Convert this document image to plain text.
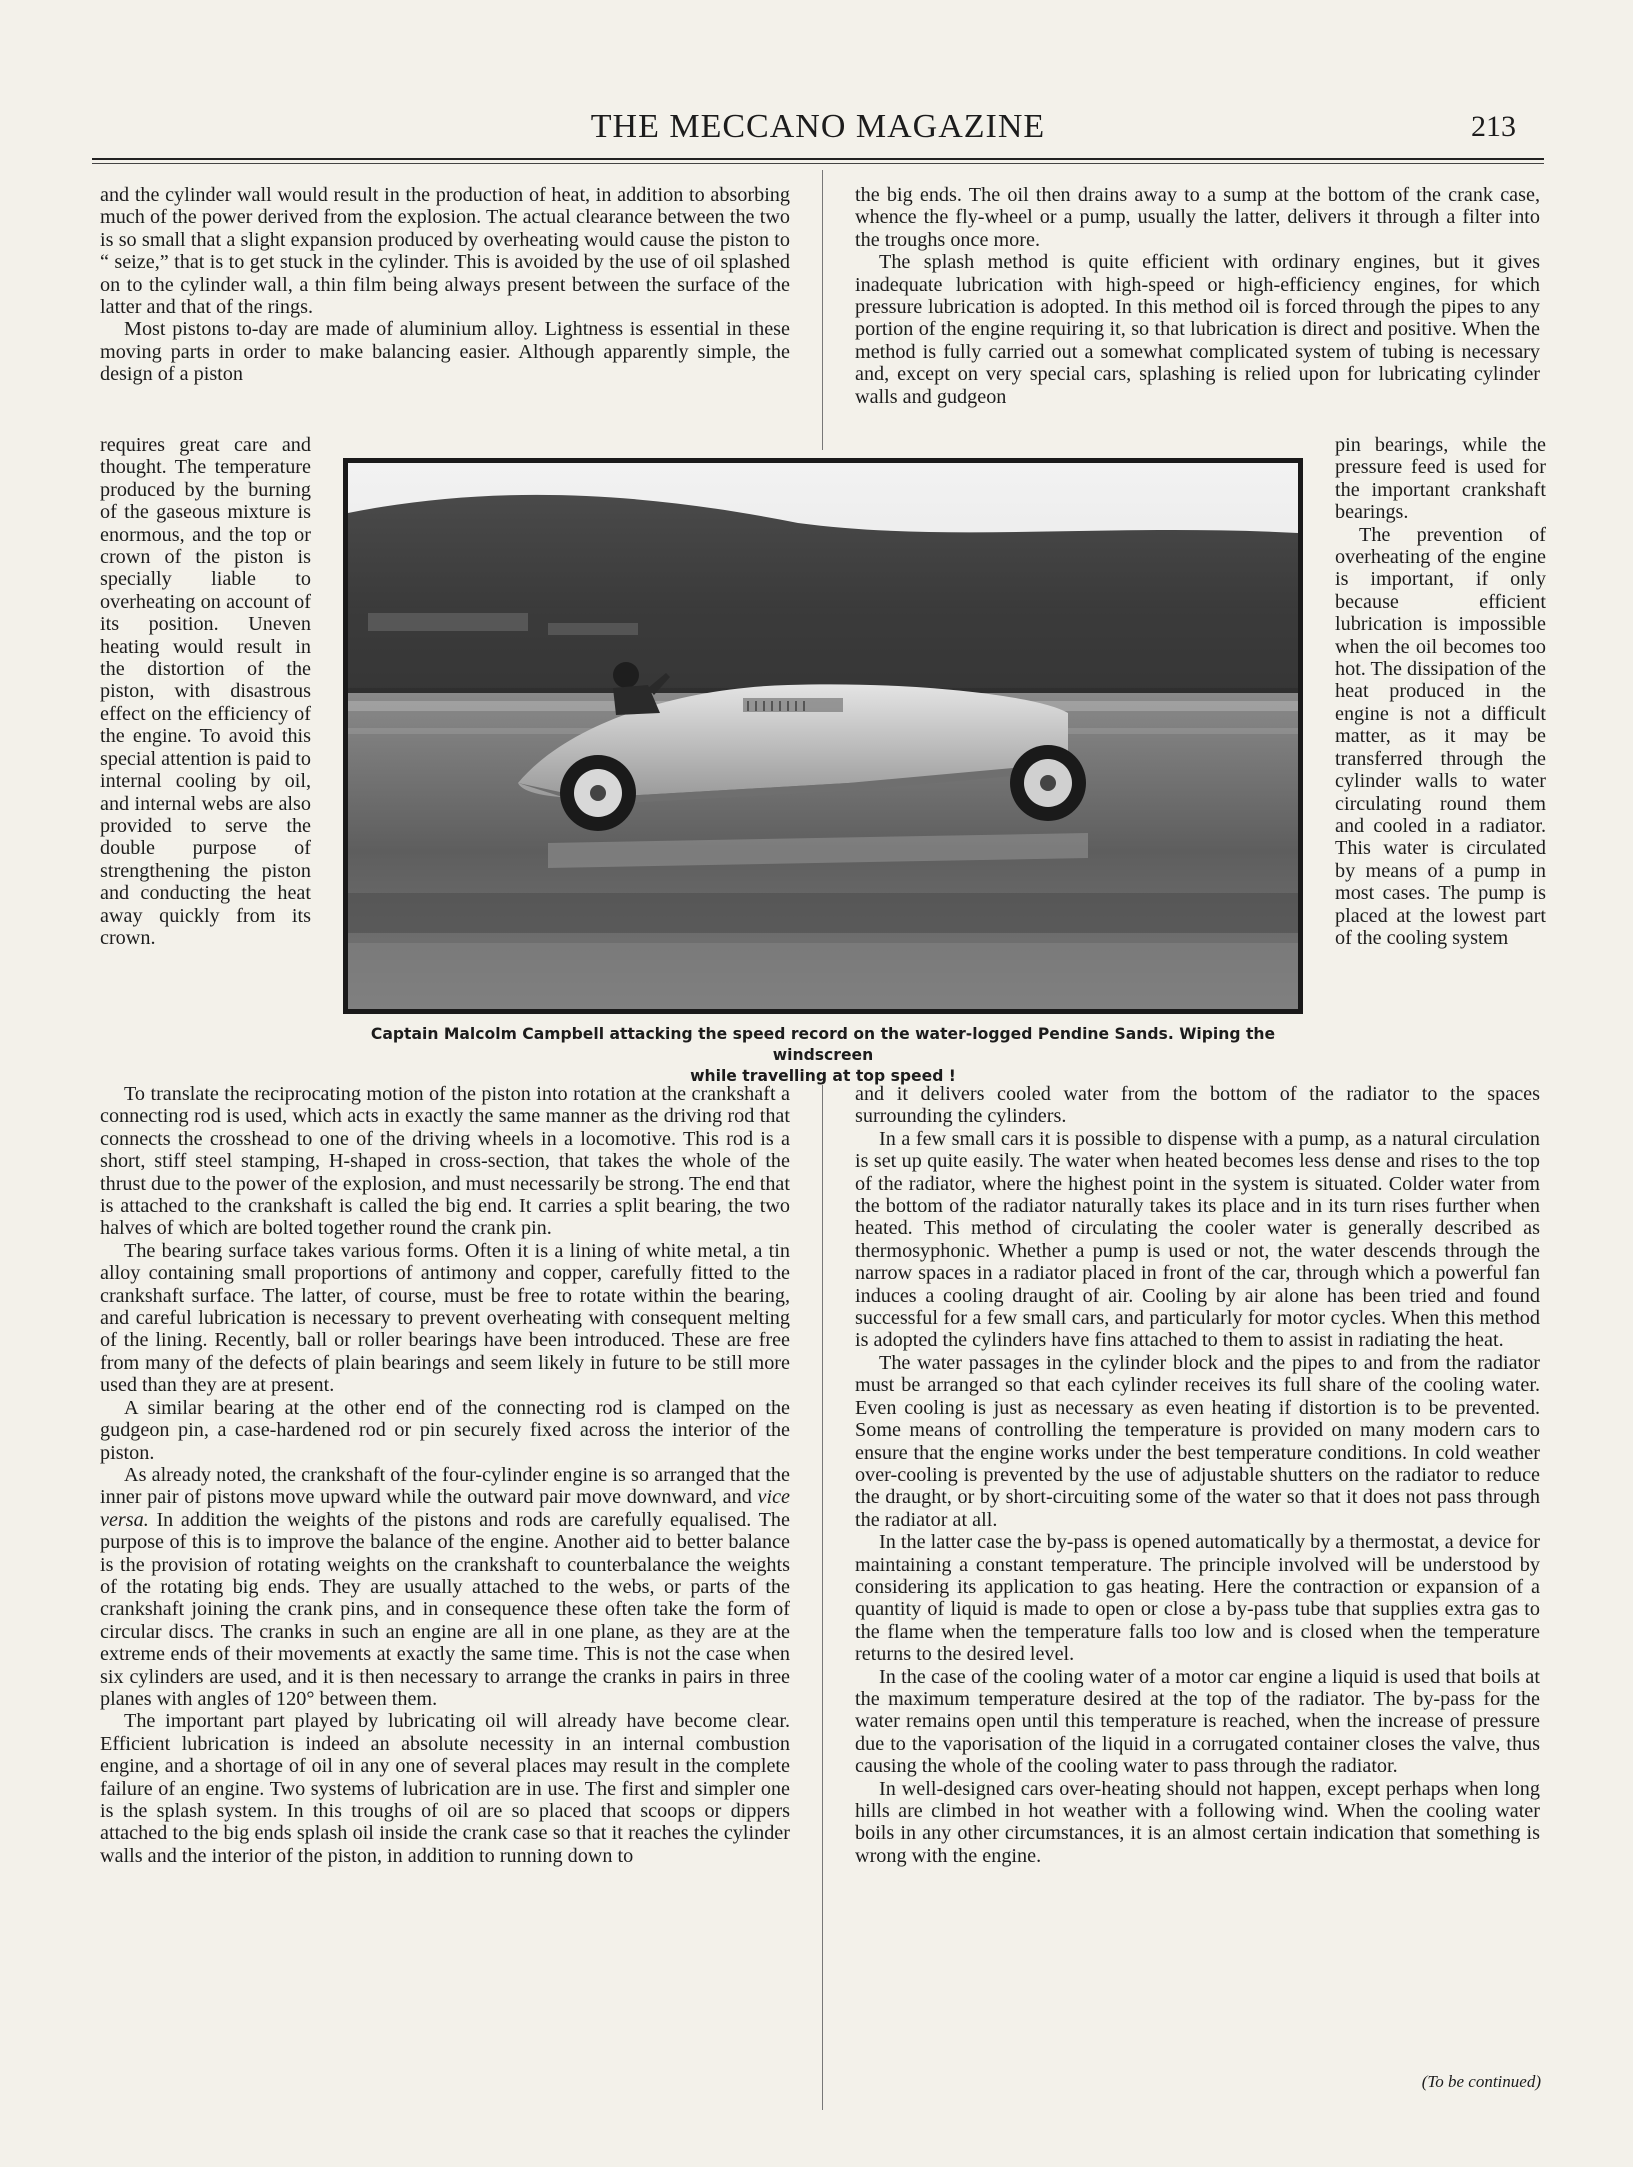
THE MECCANO MAGAZINE	213

and the cylinder wall would result in the production of heat, in addition to absorbing much of the power derived from the explosion. The actual clearance between the two is so small that a slight expansion produced by overheating would cause the piston to “ seize,” that is to get stuck in the cylinder. This is avoided by the use of oil splashed on to the cylinder wall, a thin film being always present between the surface of the latter and that of the rings.

Most pistons to-day are made of aluminium alloy. Lightness is essential in these moving parts in order to make balancing easier. Although apparently simple, the design of a piston

requires great care and thought. The temperature produced by the burning of the gaseous mixture is enormous, and the top or crown of the piston is specially liable to overheating on account of its position. Uneven heating would result in the distortion of the piston, with disastrous effect on the efficiency of the engine. To avoid this special attention is paid to internal cooling by oil, and internal webs are also provided to serve the double purpose of strengthening the piston and conducting the heat away quickly from its crown.

Captain Malcolm Campbell attacking the speed record on the water-logged Pendine Sands. Wiping the windscreen
while travelling at top speed !

To translate the reciprocating motion of the piston into rotation at the crankshaft a connecting rod is used, which acts in exactly the same manner as the driving rod that connects the crosshead to one of the driving wheels in a locomotive. This rod is a short, stiff steel stamping, H-shaped in cross-section, that takes the whole of the thrust due to the power of the explosion, and must necessarily be strong. The end that is attached to the crankshaft is called the big end. It carries a split bearing, the two halves of which are bolted together round the crank pin.

The bearing surface takes various forms. Often it is a lining of white metal, a tin alloy containing small proportions of antimony and copper, carefully fitted to the crankshaft surface. The latter, of course, must be free to rotate within the bearing, and careful lubrication is necessary to prevent overheating with consequent melting of the lining. Recently, ball or roller bearings have been introduced. These are free from many of the defects of plain bearings and seem likely in future to be still more used than they are at present.

A similar bearing at the other end of the connecting rod is clamped on the gudgeon pin, a case-hardened rod or pin securely fixed across the interior of the piston.

As already noted, the crankshaft of the four-cylinder engine is so arranged that the inner pair of pistons move upward while the outward pair move downward, and vice versa. In addition the weights of the pistons and rods are carefully equalised. The purpose of this is to improve the balance of the engine. Another aid to better balance is the provision of rotating weights on the crankshaft to counterbalance the weights of the rotating big ends. They are usually attached to the webs, or parts of the crankshaft joining the crank pins, and in consequence these often take the form of circular discs. The cranks in such an engine are all in one plane, as they are at the extreme ends of their movements at exactly the same time. This is not the case when six cylinders are used, and it is then necessary to arrange the cranks in pairs in three planes with angles of 120° between them.

The important part played by lubricating oil will already have become clear. Efficient lubrication is indeed an absolute necessity in an internal combustion engine, and a shortage of oil in any one of several places may result in the complete failure of an engine. Two systems of lubrication are in use. The first and simpler one is the splash system. In this troughs of oil are so placed that scoops or dippers attached to the big ends splash oil inside the crank case so that it reaches the cylinder walls and the interior of the piston, in addition to running down to

the big ends. The oil then drains away to a sump at the bottom of the crank case, whence the fly-wheel or a pump, usually the latter, delivers it through a filter into the troughs once more.

The splash method is quite efficient with ordinary engines, but it gives inadequate lubrication with high-speed or high-efficiency engines, for which pressure lubrication is adopted. In this method oil is forced through the pipes to any portion of the engine requiring it, so that lubrication is direct and positive. When the method is fully carried out a somewhat complicated system of tubing is necessary and, except on very special cars, splashing is relied upon for lubricating cylinder walls and gudgeon

pin bearings, while the pressure feed is used for the important crankshaft bearings.

The prevention of overheating of the engine is important, if only because efficient lubrication is impossible when the oil becomes too hot. The dissipation of the heat produced in the engine is not a difficult matter, as it may be transferred through the cylinder walls to water circulating round them and cooled in a radiator. This water is circulated by means of a pump in most cases. The pump is placed at the lowest part of the cooling system

and it delivers cooled water from the bottom of the radiator to the spaces surrounding the cylinders.

In a few small cars it is possible to dispense with a pump, as a natural circulation is set up quite easily. The water when heated becomes less dense and rises to the top of the radiator, where the highest point in the system is situated. Colder water from the bottom of the radiator naturally takes its place and in its turn rises further when heated. This method of circulating the cooler water is generally described as thermosyphonic. Whether a pump is used or not, the water descends through the narrow spaces in a radiator placed in front of the car, through which a powerful fan induces a cooling draught of air. Cooling by air alone has been tried and found successful for a few small cars, and particularly for motor cycles. When this method is adopted the cylinders have fins attached to them to assist in radiating the heat.

The water passages in the cylinder block and the pipes to and from the radiator must be arranged so that each cylinder receives its full share of the cooling water. Even cooling is just as necessary as even heating if distortion is to be prevented. Some means of controlling the temperature is provided on many modern cars to ensure that the engine works under the best temperature conditions. In cold weather over-cooling is prevented by the use of adjustable shutters on the radiator to reduce the draught, or by short-circuiting some of the water so that it does not pass through the radiator at all.

In the latter case the by-pass is opened automatically by a thermostat, a device for maintaining a constant temperature. The principle involved will be understood by considering its application to gas heating. Here the contraction or expansion of a quantity of liquid is made to open or close a by-pass tube that supplies extra gas to the flame when the temperature falls too low and is closed when the temperature returns to the desired level.

In the case of the cooling water of a motor car engine a liquid is used that boils at the maximum temperature desired at the top of the radiator. The by-pass for the water remains open until this temperature is reached, when the increase of pressure due to the vaporisation of the liquid in a corrugated container closes the valve, thus causing the whole of the cooling water to pass through the radiator.

In well-designed cars over-heating should not happen, except perhaps when long hills are climbed in hot weather with a following wind. When the cooling water boils in any other circumstances, it is an almost certain indication that something is wrong with the engine.

(To be continued)
